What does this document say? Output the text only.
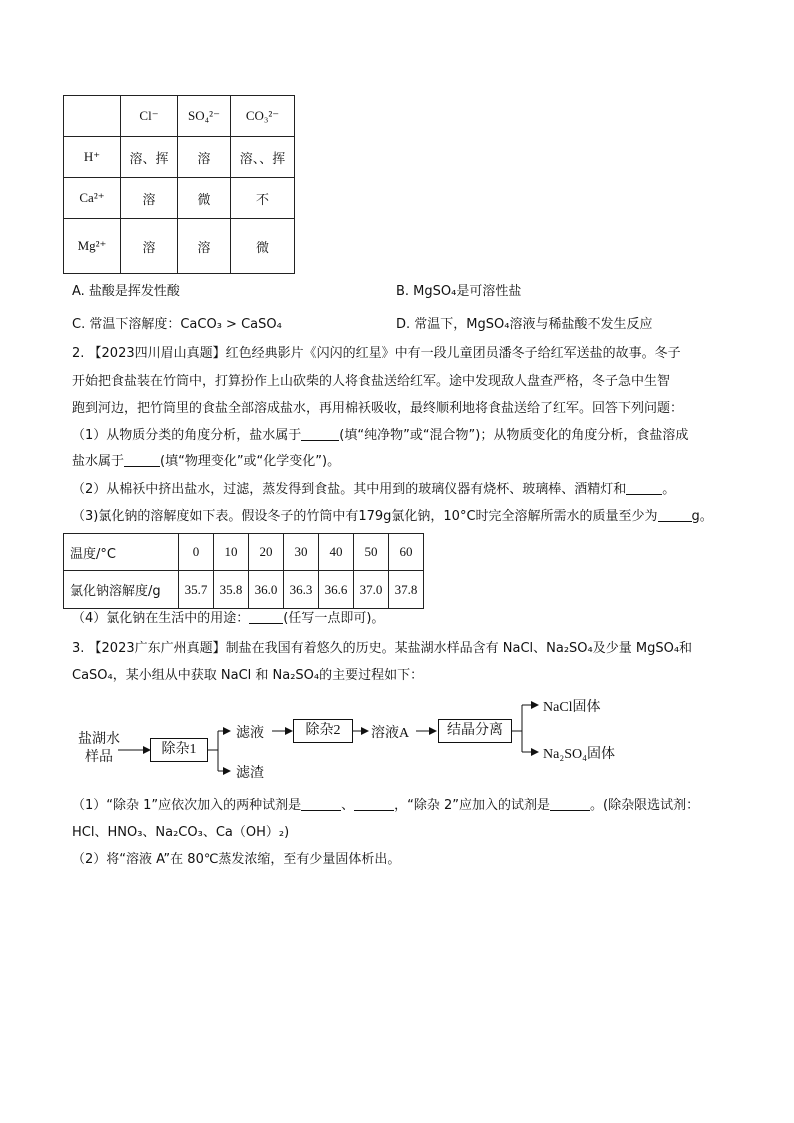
	Cl⁻	SO₄²⁻	CO₃²⁻
H⁺	溶、挥	溶	溶、、挥
Ca²⁺	溶	微	不
Mg²⁺	溶	溶	微
A. 盐酸是挥发性酸	B. MgSO₄是可溶性盐
C. 常温下溶解度：CaCO₃ > CaSO₄	D. 常温下，MgSO₄溶液与稀盐酸不发生反应
2. 【2023四川眉山真题】红色经典影片《闪闪的红星》中有一段儿童团员潘冬子给红军送盐的故事。冬子
开始把食盐装在竹筒中，打算扮作上山砍柴的人将食盐送给红军。途中发现敌人盘查严格，冬子急中生智
跑到河边，把竹筒里的食盐全部溶成盐水，再用棉袄吸收，最终顺利地将食盐送给了红军。回答下列问题：
（1）从物质分类的角度分析，盐水属于	(填“纯净物”或“混合物”)；从物质变化的角度分析，食盐溶成
盐水属于	(填“物理变化”或“化学变化”)。
（2）从棉袄中挤出盐水，过滤，蒸发得到食盐。其中用到的玻璃仪器有烧杯、玻璃棒、酒精灯和	。
（3)氯化钠的溶解度如下表。假设冬子的竹筒中有179g氯化钠，10°C时完全溶解所需水的质量至少为	g。
温度/°C	0	10	20	30	40	50	60
氯化钠溶解度/g	35.7	35.8	36.0	36.3	36.6	37.0	37.8
（4）氯化钠在生活中的用途：	(任写一点即可)。
3. 【2023广东广州真题】制盐在我国有着悠久的历史。某盐湖水样品含有 NaCl、Na₂SO₄及少量 MgSO₄和
CaSO₄，某小组从中获取 NaCl 和 Na₂SO₄的主要过程如下：
盐湖水
样品
除杂1
滤液
滤渣
除杂2	溶液A	结晶分离
NaCl固体
Na₂SO₄固体
（1）“除杂 1”应依次加入的两种试剂是	、	，“除杂 2”应加入的试剂是	。(除杂限选试剂：
HCl、HNO₃、Na₂CO₃、Ca（OH）₂)
（2）将“溶液 A”在 80℃蒸发浓缩，至有少量固体析出。
